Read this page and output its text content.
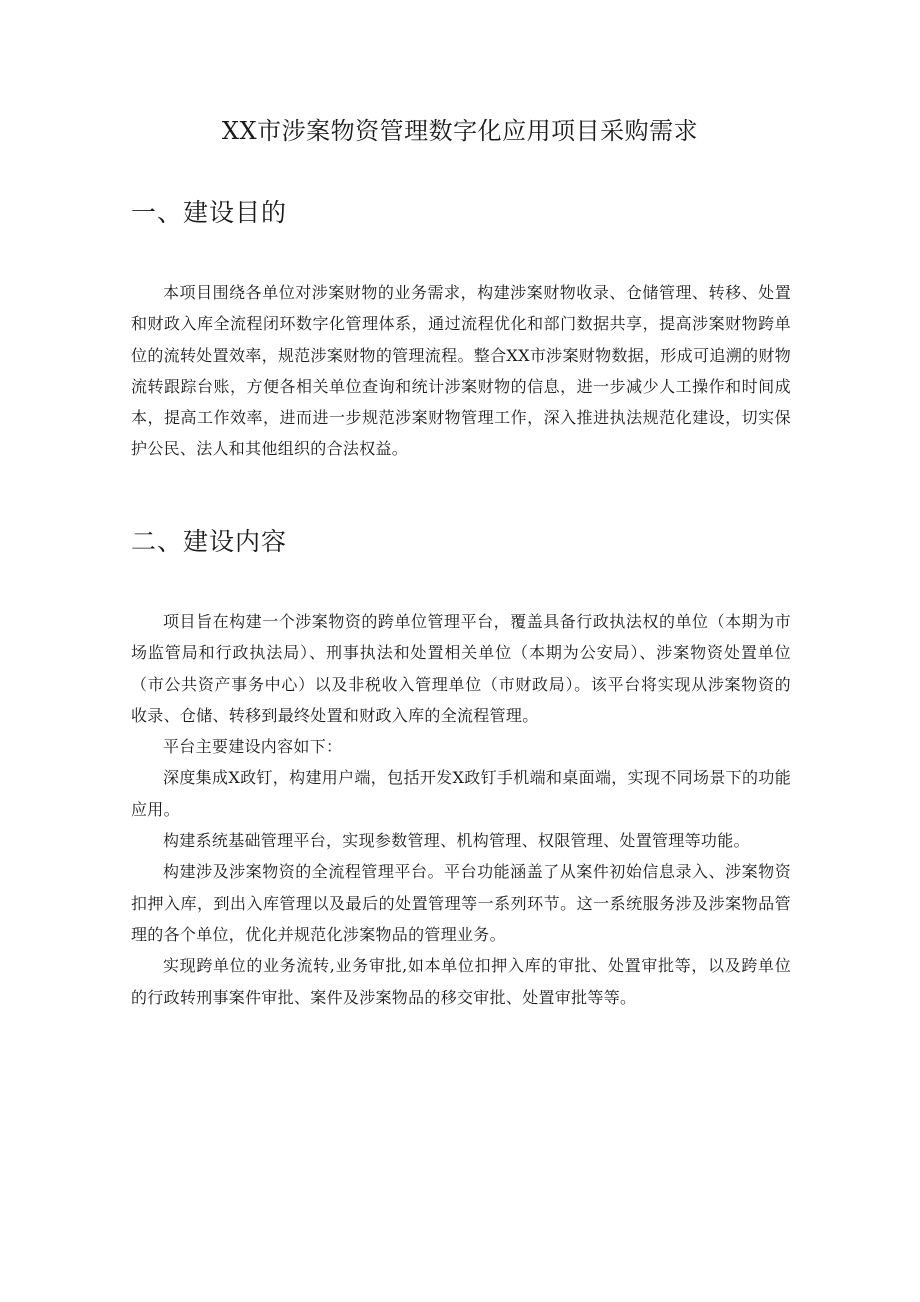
XX市涉案物资管理数字化应用项目采购需求
一、建设目的

本项目围绕各单位对涉案财物的业务需求，构建涉案财物收录、仓储管理、转移、处置和财政入库全流程闭环数字化管理体系，通过流程优化和部门数据共享，提高涉案财物跨单位的流转处置效率，规范涉案财物的管理流程。整合XX市涉案财物数据，形成可追溯的财物流转跟踪台账，方便各相关单位查询和统计涉案财物的信息，进一步减少人工操作和时间成本，提高工作效率，进而进一步规范涉案财物管理工作，深入推进执法规范化建设，切实保护公民、法人和其他组织的合法权益。

二、建设内容

项目旨在构建一个涉案物资的跨单位管理平台，覆盖具备行政执法权的单位（本期为市场监管局和行政执法局）、刑事执法和处置相关单位（本期为公安局）、涉案物资处置单位（市公共资产事务中心）以及非税收入管理单位（市财政局）。该平台将实现从涉案物资的收录、仓储、转移到最终处置和财政入库的全流程管理。

平台主要建设内容如下：

深度集成X政钉，构建用户端，包括开发X政钉手机端和桌面端，实现不同场景下的功能应用。

构建系统基础管理平台，实现参数管理、机构管理、权限管理、处置管理等功能。

构建涉及涉案物资的全流程管理平台。平台功能涵盖了从案件初始信息录入、涉案物资扣押入库，到出入库管理以及最后的处置管理等一系列环节。这一系统服务涉及涉案物品管理的各个单位，优化并规范化涉案物品的管理业务。

实现跨单位的业务流转,业务审批,如本单位扣押入库的审批、处置审批等，以及跨单位的行政转刑事案件审批、案件及涉案物品的移交审批、处置审批等等。
